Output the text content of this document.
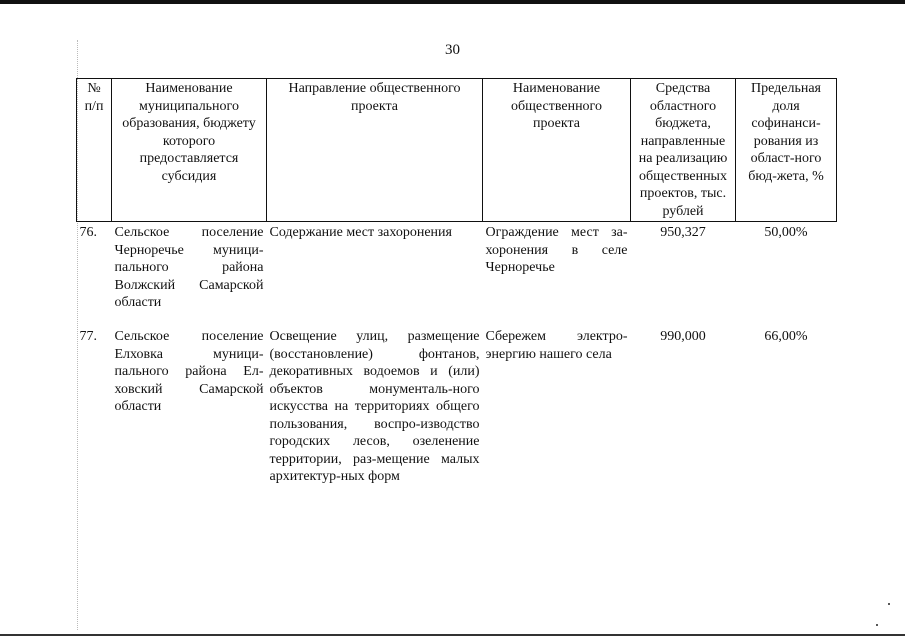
30
№ п/п	Наименование муниципального образования, бюджету которого предоставляется субсидия	Направление общественного проекта	Наименование общественного проекта	Средства областного бюджета, направленные на реализацию общественных проектов, тыс. рублей	Предельная доля софинанси-рования из област-ного бюд-жета, %
76.	Сельское поселение Черноречье муници-пального района Волжский Самарской области	Содержание мест захоронения	Ограждение мест за-хоронения в селе Черноречье	950,327	50,00%
77.	Сельское поселение Елховка муници-пального района Ел-ховский Самарской области	Освещение улиц, размещение (восстановление) фонтанов, декоративных водоемов и (или) объектов монументаль-ного искусства на территориях общего пользования, воспро-изводство городских лесов, озеленение территории, раз-мещение малых архитектур-ных форм	Сбережем электро-энергию нашего села	990,000	66,00%
